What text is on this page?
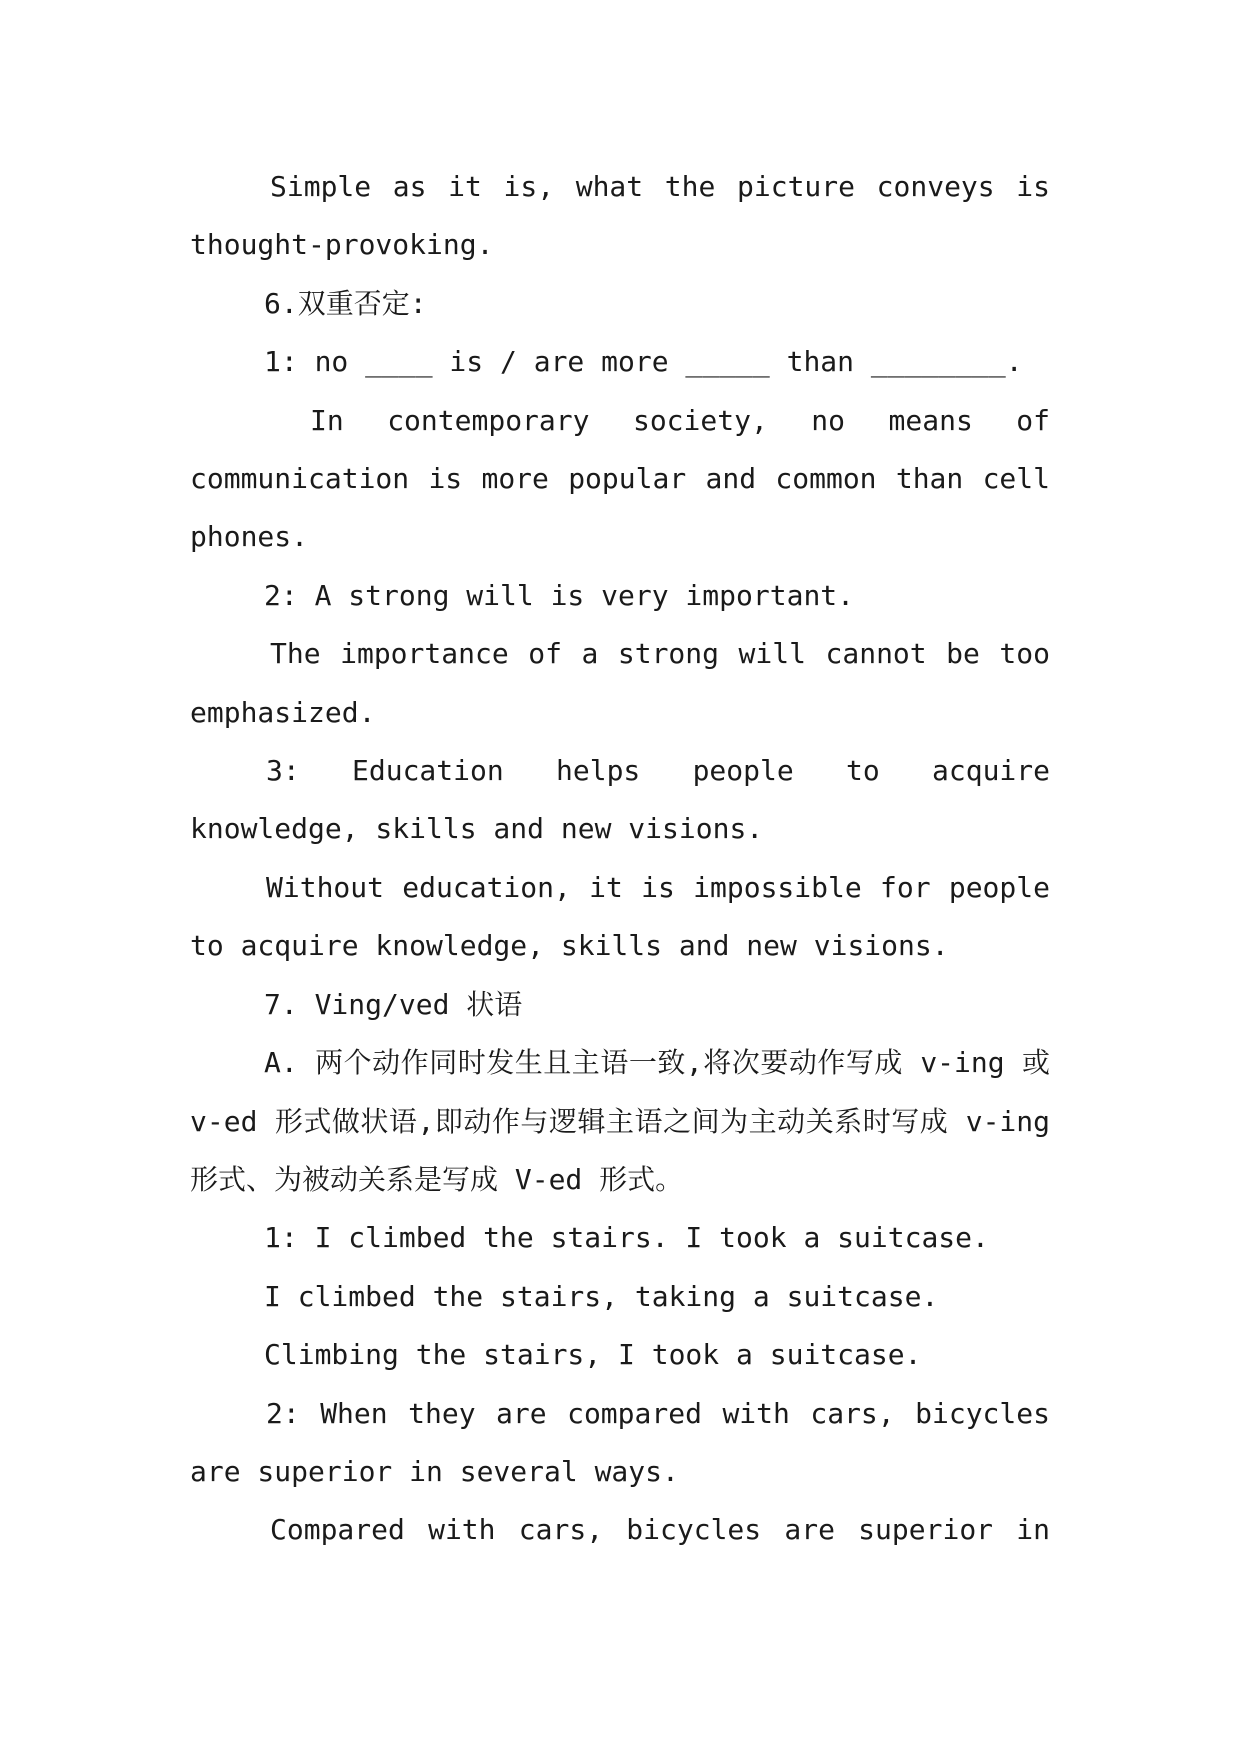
Simple as it is, what the picture conveys is thought-provoking.

6.双重否定:

1: no ____ is / are more _____ than ________.

In contemporary society, no means of communication is more popular and common than cell phones.

2: A strong will is very important.

The importance of a strong will cannot be too emphasized.

3: Education helps people to acquire knowledge, skills and new visions.

Without education, it is impossible for people to acquire knowledge, skills and new visions.

7. Ving/ved 状语

A. 两个动作同时发生且主语一致,将次要动作写成 v-ing 或 v-ed 形式做状语,即动作与逻辑主语之间为主动关系时写成 v-ing 形式、为被动关系是写成 V-ed 形式。

1: I climbed the stairs. I took a suitcase.

I climbed the stairs, taking a suitcase.

Climbing the stairs, I took a suitcase.

2: When they are compared with cars, bicycles are superior in several ways.

Compared with cars, bicycles are superior in
